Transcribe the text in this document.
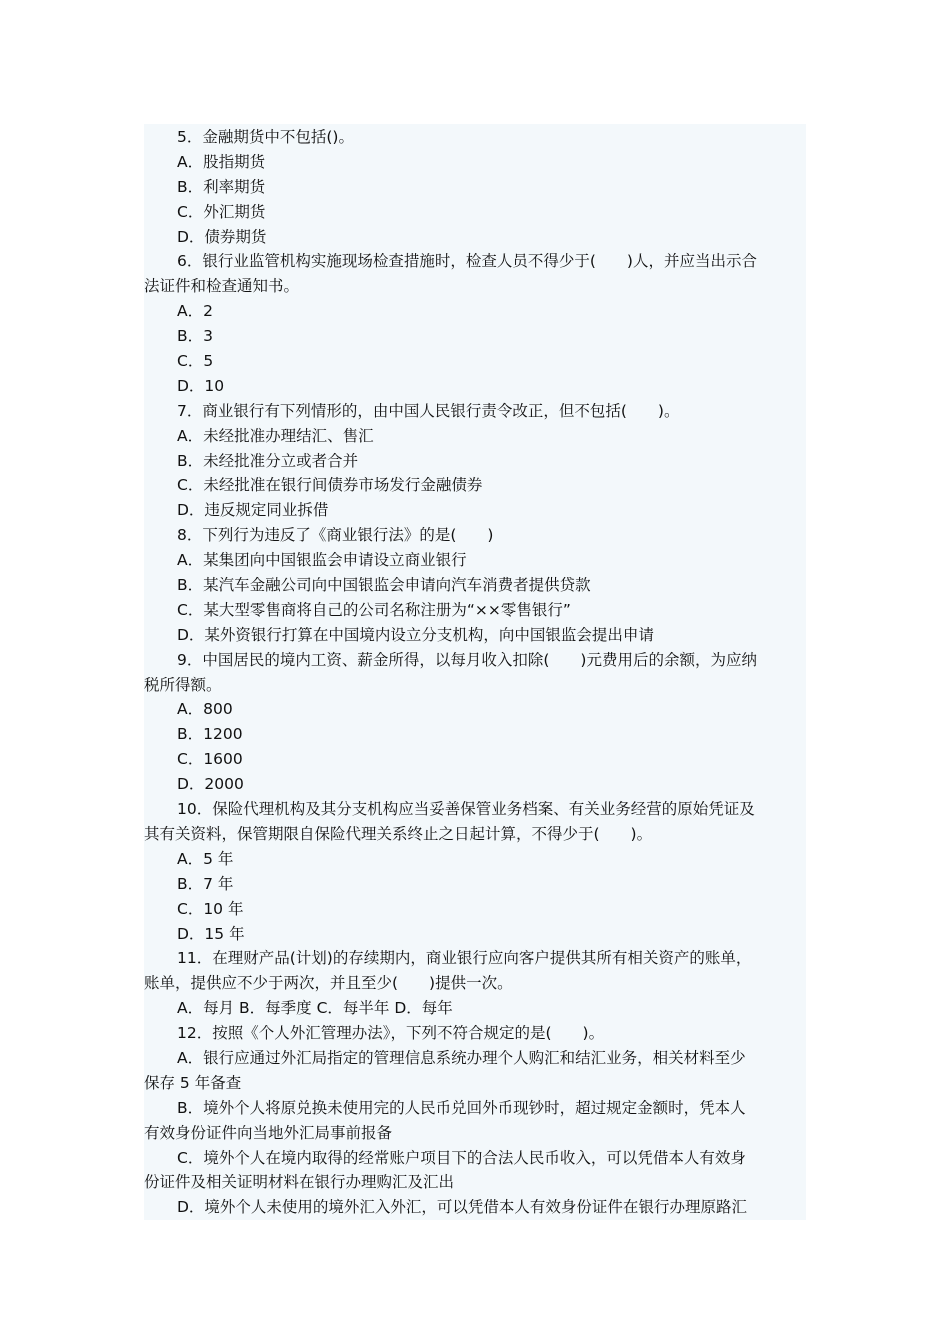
5．金融期货中不包括()。
A．股指期货
B．利率期货
C．外汇期货
D．债券期货
6．银行业监管机构实施现场检查措施时，检查人员不得少于(　　)人，并应当出示合
法证件和检查通知书。
A．2
B．3
C．5
D．10
7．商业银行有下列情形的，由中国人民银行责令改正，但不包括(　　)。
A．未经批准办理结汇、售汇
B．未经批准分立或者合并
C．未经批准在银行间债券市场发行金融债券
D．违反规定同业拆借
8．下列行为违反了《商业银行法》的是(　　)
A．某集团向中国银监会申请设立商业银行
B．某汽车金融公司向中国银监会申请向汽车消费者提供贷款
C．某大型零售商将自己的公司名称注册为“××零售银行”
D．某外资银行打算在中国境内设立分支机构，向中国银监会提出申请
9．中国居民的境内工资、薪金所得，以每月收入扣除(　　)元费用后的余额，为应纳
税所得额。
A．800
B．1200
C．1600
D．2000
10．保险代理机构及其分支机构应当妥善保管业务档案、有关业务经营的原始凭证及
其有关资料，保管期限自保险代理关系终止之日起计算，不得少于(　　)。
A．5 年
B．7 年
C．10 年
D．15 年
11．在理财产品(计划)的存续期内，商业银行应向客户提供其所有相关资产的账单，
账单，提供应不少于两次，并且至少(　　)提供一次。
A．每月 B．每季度 C．每半年 D．每年
12．按照《个人外汇管理办法》，下列不符合规定的是(　　)。
A．银行应通过外汇局指定的管理信息系统办理个人购汇和结汇业务，相关材料至少
保存 5 年备查
B．境外个人将原兑换未使用完的人民币兑回外币现钞时，超过规定金额时，凭本人
有效身份证件向当地外汇局事前报备
C．境外个人在境内取得的经常账户项目下的合法人民币收入，可以凭借本人有效身
份证件及相关证明材料在银行办理购汇及汇出
D．境外个人未使用的境外汇入外汇，可以凭借本人有效身份证件在银行办理原路汇
